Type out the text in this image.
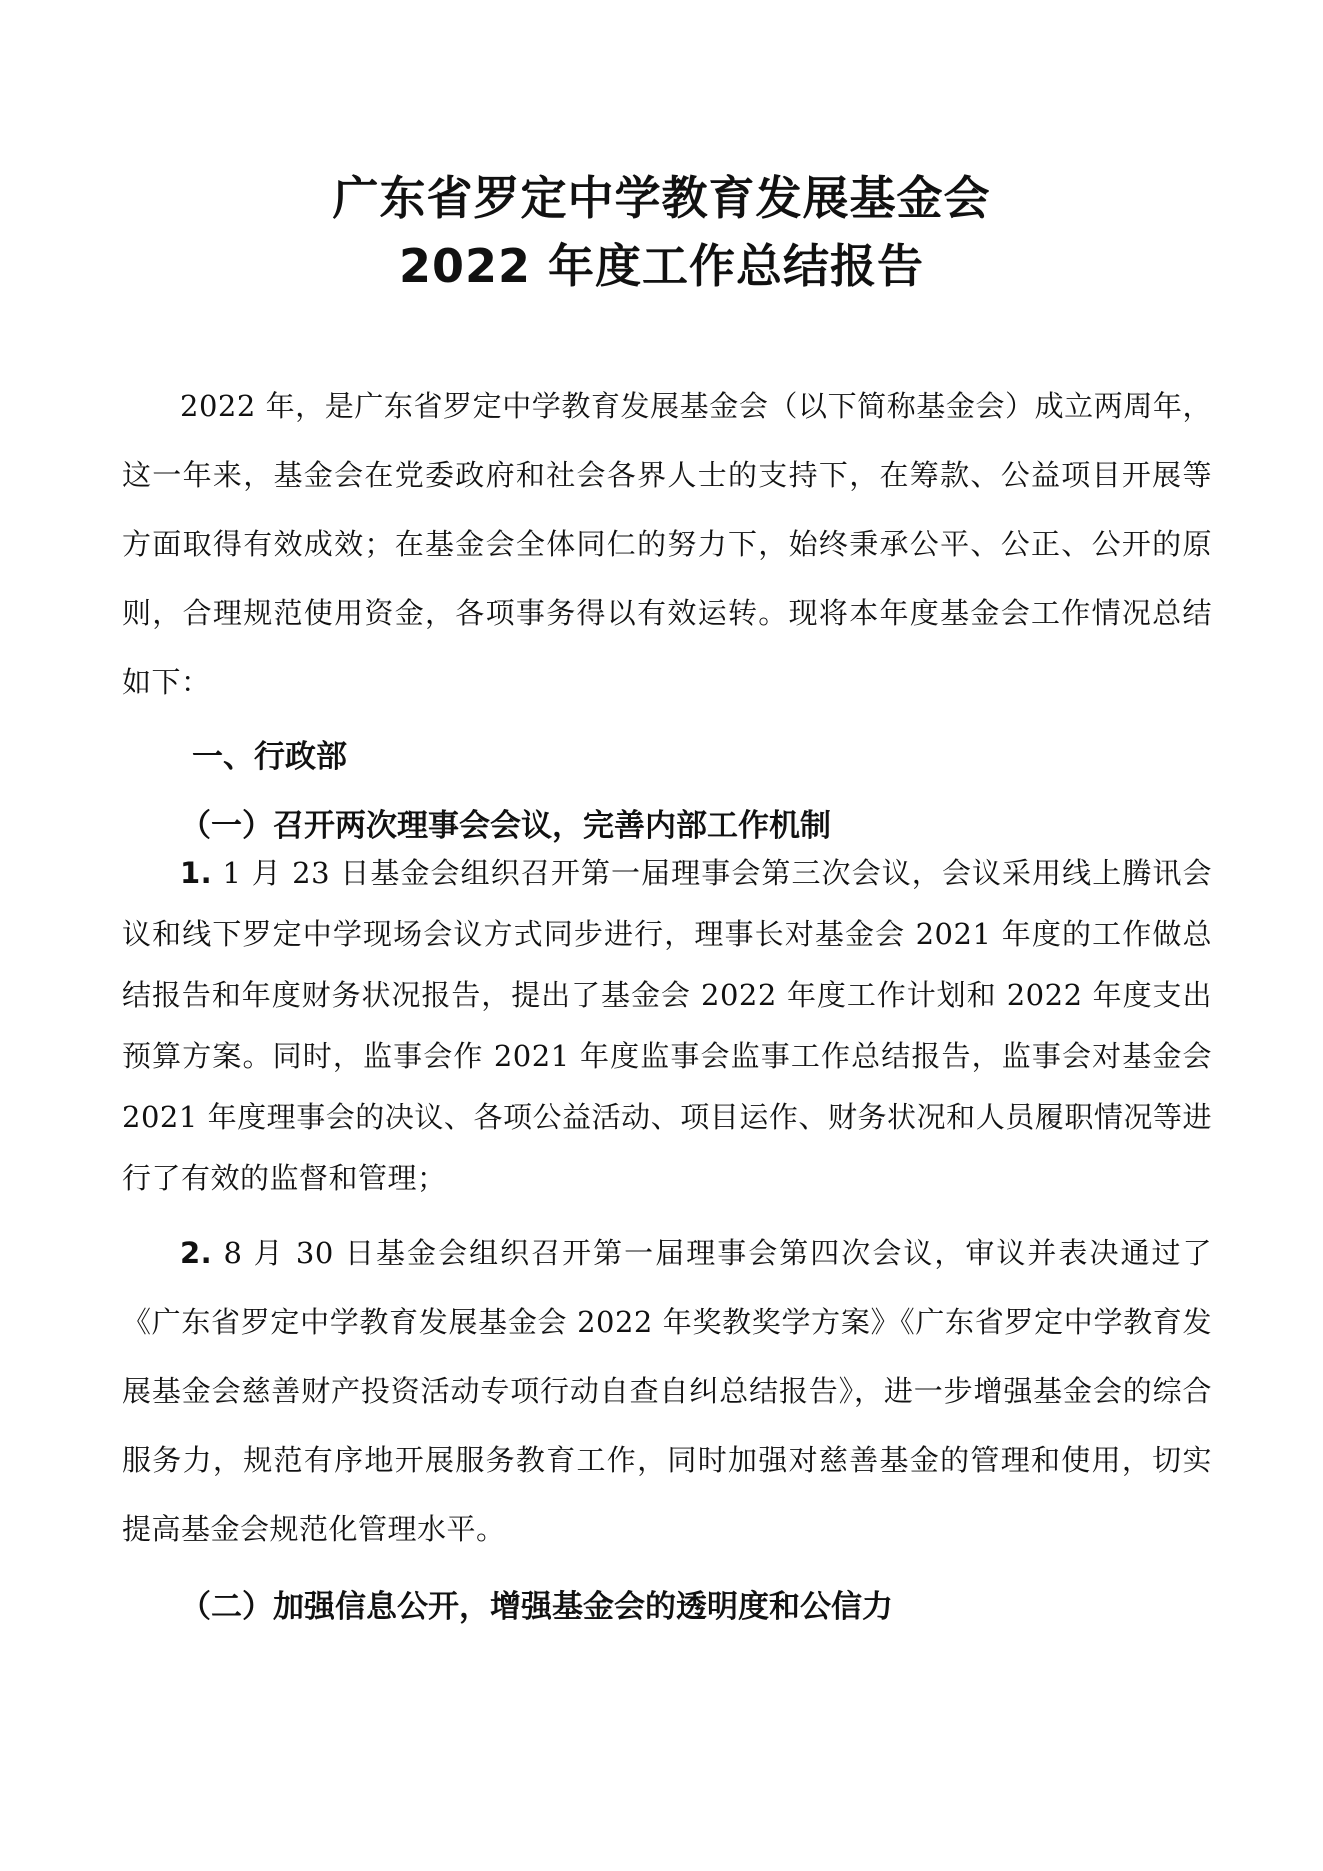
广东省罗定中学教育发展基金会
2022 年度工作总结报告
2022 年，是广东省罗定中学教育发展基金会（以下简称基金会）成立两周年，这一年来，基金会在党委政府和社会各界人士的支持下，在筹款、公益项目开展等方面取得有效成效；在基金会全体同仁的努力下，始终秉承公平、公正、公开的原则，合理规范使用资金，各项事务得以有效运转。现将本年度基金会工作情况总结如下：
一、行政部
（一）召开两次理事会会议，完善内部工作机制
1. 1 月 23 日基金会组织召开第一届理事会第三次会议，会议采用线上腾讯会议和线下罗定中学现场会议方式同步进行，理事长对基金会 2021 年度的工作做总结报告和年度财务状况报告，提出了基金会 2022 年度工作计划和 2022 年度支出预算方案。同时，监事会作 2021 年度监事会监事工作总结报告，监事会对基金会 2021 年度理事会的决议、各项公益活动、项目运作、财务状况和人员履职情况等进行了有效的监督和管理；
2. 8 月 30 日基金会组织召开第一届理事会第四次会议，审议并表决通过了《广东省罗定中学教育发展基金会 2022 年奖教奖学方案》《广东省罗定中学教育发展基金会慈善财产投资活动专项行动自查自纠总结报告》，进一步增强基金会的综合服务力，规范有序地开展服务教育工作，同时加强对慈善基金的管理和使用，切实提高基金会规范化管理水平。
（二）加强信息公开，增强基金会的透明度和公信力
